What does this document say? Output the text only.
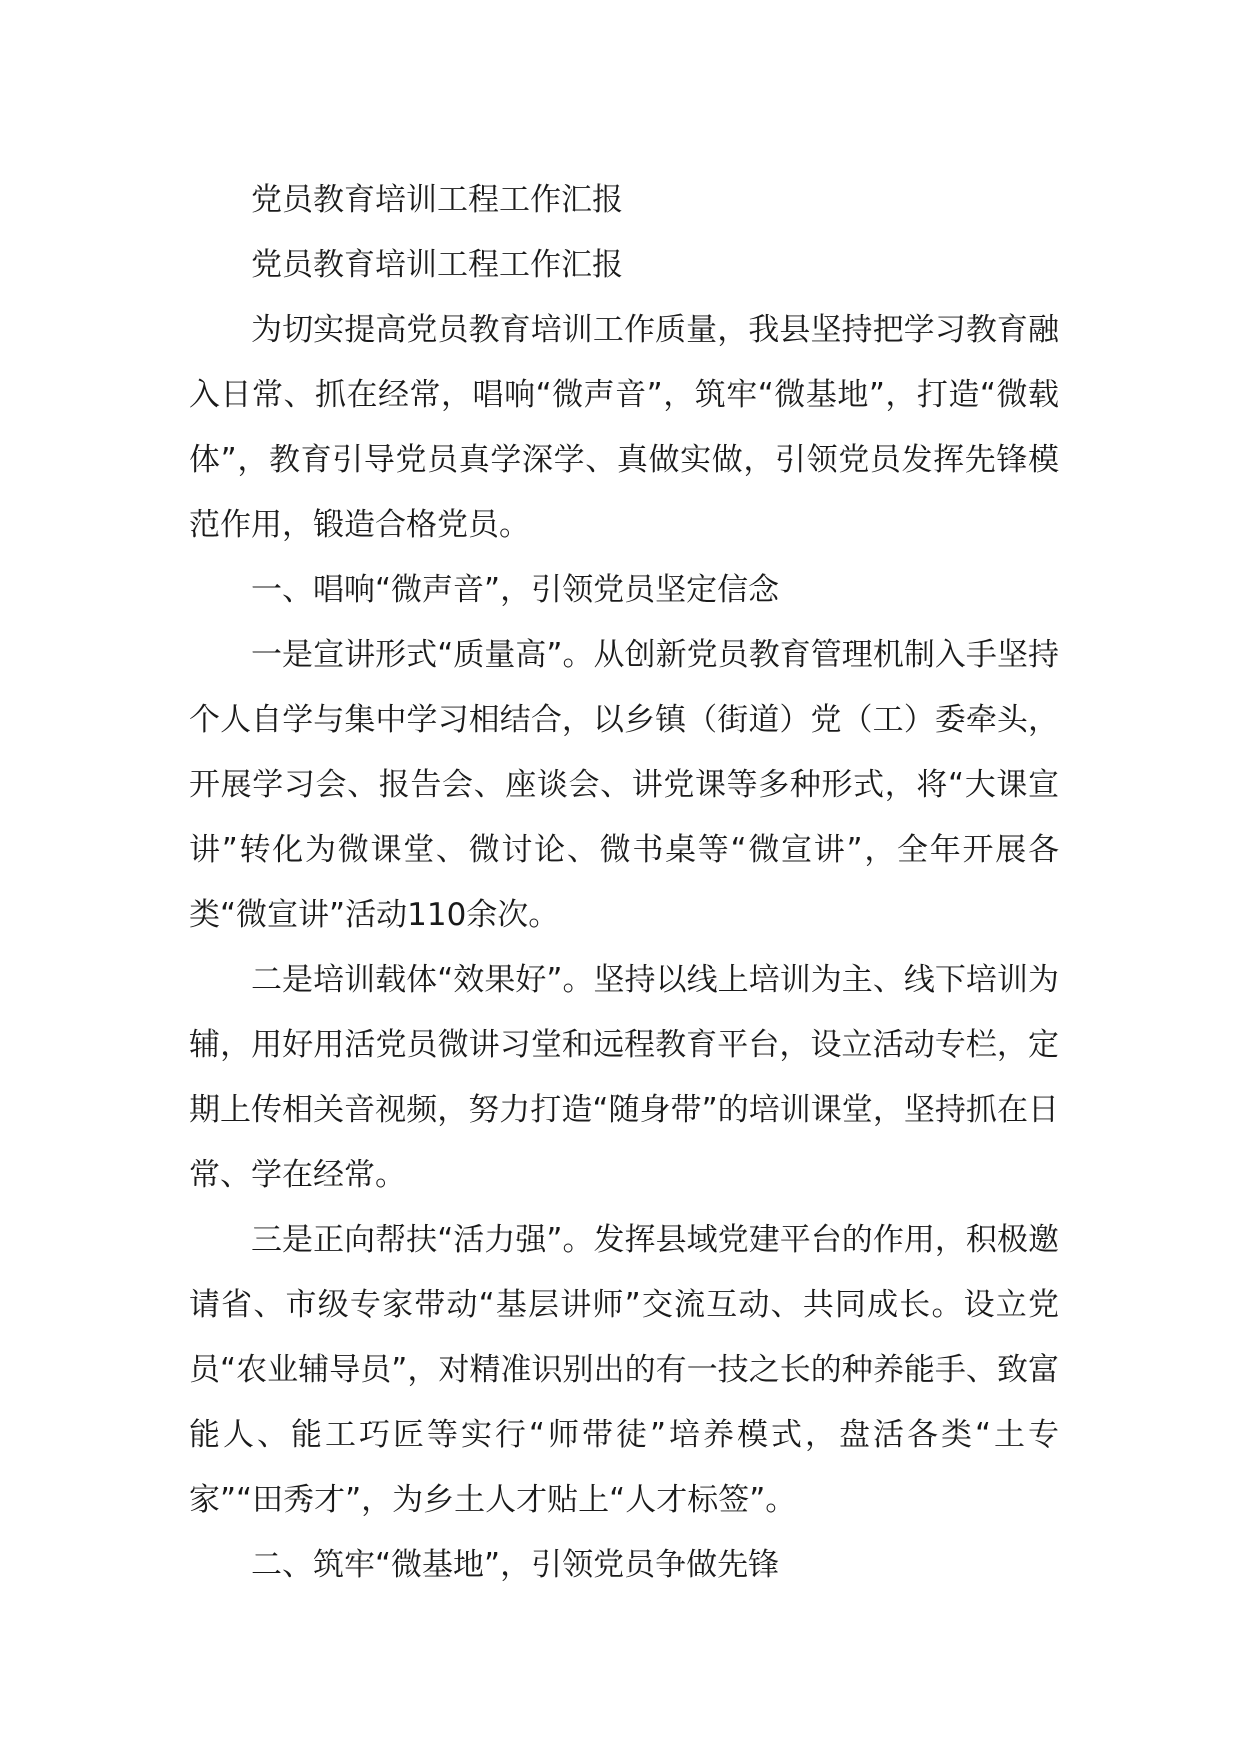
党员教育培训工程工作汇报

党员教育培训工程工作汇报

为切实提高党员教育培训工作质量，我县坚持把学习教育融入日常、抓在经常，唱响“微声音”，筑牢“微基地”，打造“微载体”，教育引导党员真学深学、真做实做，引领党员发挥先锋模范作用，锻造合格党员。

一、唱响“微声音”，引领党员坚定信念

一是宣讲形式“质量高”。从创新党员教育管理机制入手坚持个人自学与集中学习相结合，以乡镇（街道）党（工）委牵头，开展学习会、报告会、座谈会、讲党课等多种形式，将“大课宣讲”转化为微课堂、微讨论、微书桌等“微宣讲”，全年开展各类“微宣讲”活动110余次。

二是培训载体“效果好”。坚持以线上培训为主、线下培训为辅，用好用活党员微讲习堂和远程教育平台，设立活动专栏，定期上传相关音视频，努力打造“随身带”的培训课堂，坚持抓在日常、学在经常。

三是正向帮扶“活力强”。发挥县域党建平台的作用，积极邀请省、市级专家带动“基层讲师”交流互动、共同成长。设立党员“农业辅导员”，对精准识别出的有一技之长的种养能手、致富能人、能工巧匠等实行“师带徒”培养模式，盘活各类“土专家”“田秀才”，为乡土人才贴上“人才标签”。

二、筑牢“微基地”，引领党员争做先锋
